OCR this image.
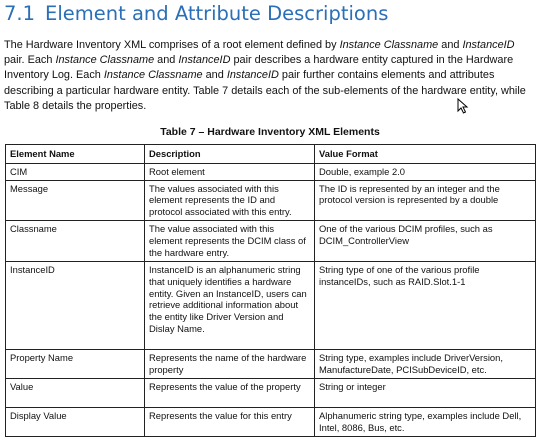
7.1 Element and Attribute Descriptions
The Hardware Inventory XML comprises of a root element defined by Instance Classname and InstanceID pair. Each Instance Classname and InstanceID pair describes a hardware entity captured in the Hardware Inventory Log. Each Instance Classname and InstanceID pair further contains elements and attributes describing a particular hardware entity. Table 7 details each of the sub-elements of the hardware entity, while Table 8 details the properties.
Table 7 – Hardware Inventory XML Elements
Element Name	Description	Value Format
CIM	Root element	Double, example 2.0
Message	The values associated with this element represents the ID and protocol associated with this entry.	The ID is represented by an integer and the protocol version is represented by a double
Classname	The value associated with this element represents the DCIM class of the hardware entry.	One of the various DCIM profiles, such as DCIM_ControllerView
InstanceID	InstanceID is an alphanumeric string that uniquely identifies a hardware entity. Given an InstanceID, users can retrieve additional information about the entity like Driver Version and Dislay Name.	String type of one of the various profile instanceIDs, such as RAID.Slot.1-1
Property Name	Represents the name of the hardware property	String type, examples include DriverVersion, ManufactureDate, PCISubDeviceID, etc.
Value	Represents the value of the property	String or integer
Display Value	Represents the value for this entry	Alphanumeric string type, examples include Dell, Intel, 8086, Bus, etc.
